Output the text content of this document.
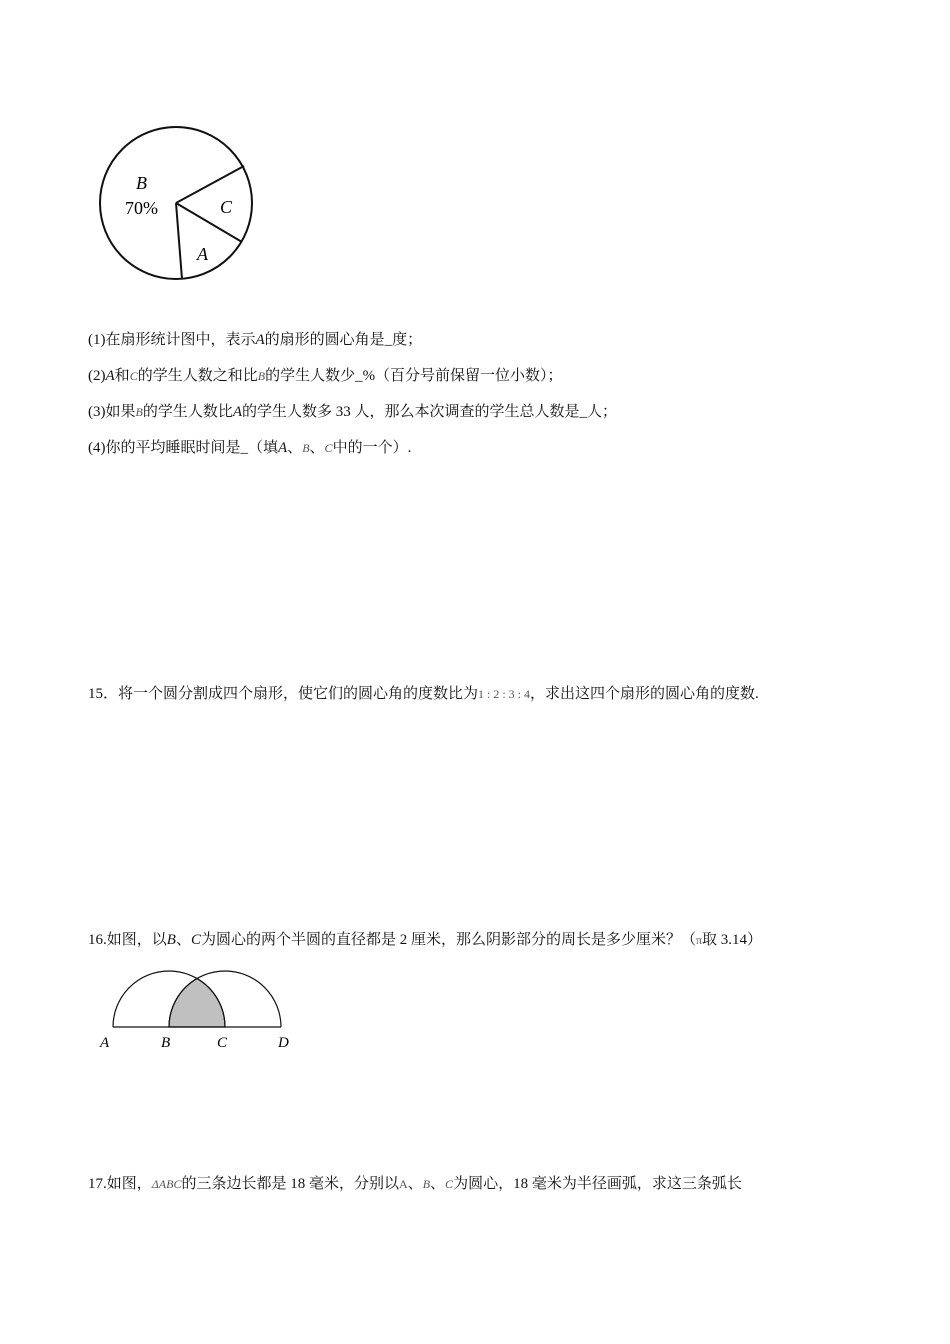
B
70%	C
A
(1)在扇形统计图中，表示A的扇形的圆心角是_度；
(2)A和C的学生人数之和比B的学生人数少_%（百分号前保留一位小数）；
(3)如果B的学生人数比A的学生人数多 33 人，那么本次调查的学生总人数是_人；
(4)你的平均睡眠时间是_（填A、B、C中的一个）.
15．将一个圆分割成四个扇形，使它们的圆心角的度数比为1 : 2 : 3 : 4，求出这四个扇形的圆心角的度数.
16.如图，以B、C为圆心的两个半圆的直径都是 2 厘米，那么阴影部分的周长是多少厘米？（π取 3.14）
A	B	C	D
17.如图，ΔABC的三条边长都是 18 毫米，分别以A、B、C为圆心，18 毫米为半径画弧，求这三条弧长
